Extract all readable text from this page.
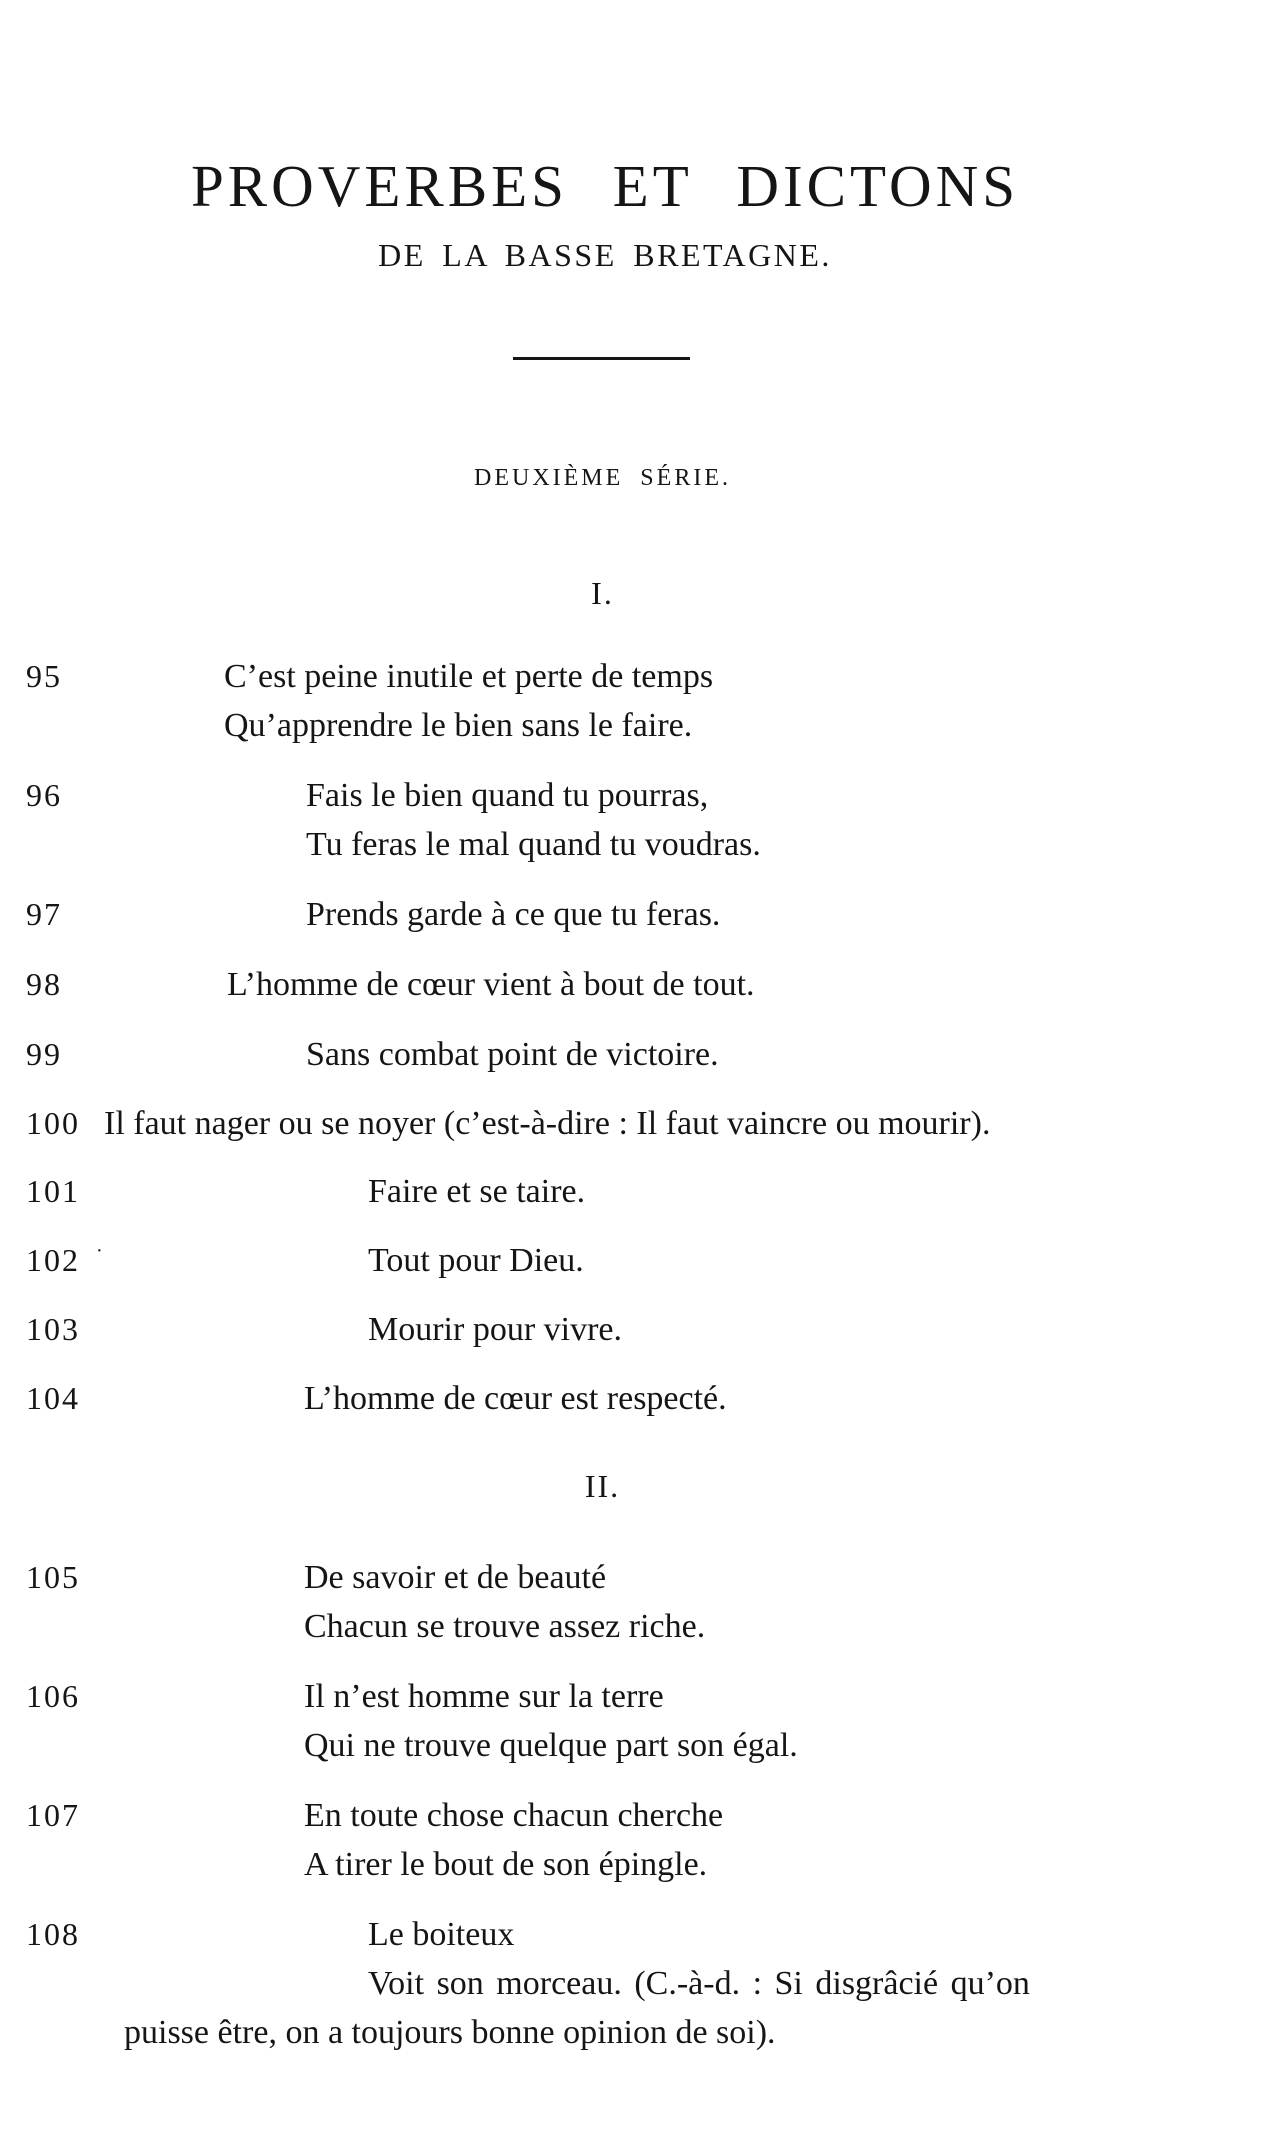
PROVERBES ET DICTONS
DE LA BASSE BRETAGNE.
DEUXIÈME SÉRIE.
I.
95	C’est peine inutile et perte de temps
Qu’apprendre le bien sans le faire.
96	Fais le bien quand tu pourras,
Tu feras le mal quand tu voudras.
97	Prends garde à ce que tu feras.
98	L’homme de cœur vient à bout de tout.
99	Sans combat point de victoire.
100 Il faut nager ou se noyer (c’est-à-dire : Il faut vaincre ou mourir).
101	Faire et se taire.
102	Tout pour Dieu.
103	Mourir pour vivre.
104	L’homme de cœur est respecté.
II.
105	De savoir et de beauté
Chacun se trouve assez riche.
106	Il n’est homme sur la terre
Qui ne trouve quelque part son égal.
107	En toute chose chacun cherche
A tirer le bout de son épingle.
108	Le boiteux
Voit son morceau. (C.-à-d. : Si disgrâcié qu’on
puisse être, on a toujours bonne opinion de soi).
·
